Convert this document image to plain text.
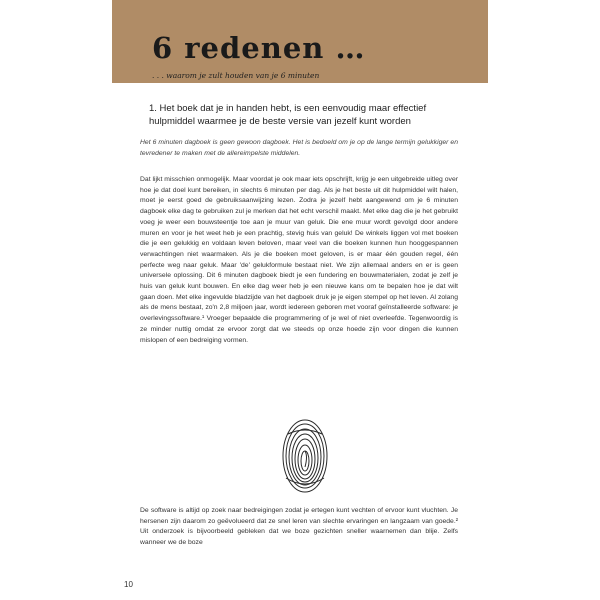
6 redenen …
. . . waarom je zult houden van je 6 minuten
1. Het boek dat je in handen hebt, is een eenvoudig maar effectief hulpmiddel waarmee je de beste versie van jezelf kunt worden
Het 6 minuten dagboek is geen gewoon dagboek. Het is bedoeld om je op de lange termijn gelukkiger en tevredener te maken met de allereimpelste middelen.
Dat lijkt misschien onmogelijk. Maar voordat je ook maar iets opschrijft, krijg je een uitgebreide uitleg over hoe je dat doel kunt bereiken, in slechts 6 minuten per dag. Als je het beste uit dit hulpmiddel wilt halen, moet je eerst goed de gebruiksaanwijzing lezen. Zodra je jezelf hebt aangewend om je 6 minuten dagboek elke dag te gebruiken zul je merken dat het echt verschil maakt. Met elke dag die je het gebruikt voeg je weer een bouwsteentje toe aan je muur van geluk. Die ene muur wordt gevolgd door andere muren en voor je het weet heb je een prachtig, stevig huis van geluk! De winkels liggen vol met boeken die je een gelukkig en voldaan leven beloven, maar veel van die boeken kunnen hun hooggespannen verwachtingen niet waarmaken. Als je die boeken moet geloven, is er maar één gouden regel, één perfecte weg naar geluk. Maar 'de' gelukformule bestaat niet. We zijn allemaal anders en er is geen universele oplossing. Dit 6 minuten dagboek biedt je een fundering en bouwmaterialen, zodat je zelf je huis van geluk kunt bouwen. En elke dag weer heb je een nieuwe kans om te bepalen hoe je dat wilt gaan doen. Met elke ingevulde bladzijde van het dagboek druk je je eigen stempel op het leven. Al zolang als de mens bestaat, zo'n 2,8 miljoen jaar, wordt iedereen geboren met vooraf geïnstalleerde software: je overlevingssoftware.¹ Vroeger bepaalde die programmering of je wel of niet overleefde. Tegenwoordig is ze minder nuttig omdat ze ervoor zorgt dat we steeds op onze hoede zijn voor dingen die kunnen mislopen of een bedreiging vormen.
De software is altijd op zoek naar bedreigingen zodat je ertegen kunt vechten of ervoor kunt vluchten. Je hersenen zijn daarom zo geëvolueerd dat ze snel leren van slechte ervaringen en langzaam van goede.² Uit onderzoek is bijvoorbeeld gebleken dat we boze gezichten sneller waarnemen dan blije. Zelfs wanneer we de boze
10
